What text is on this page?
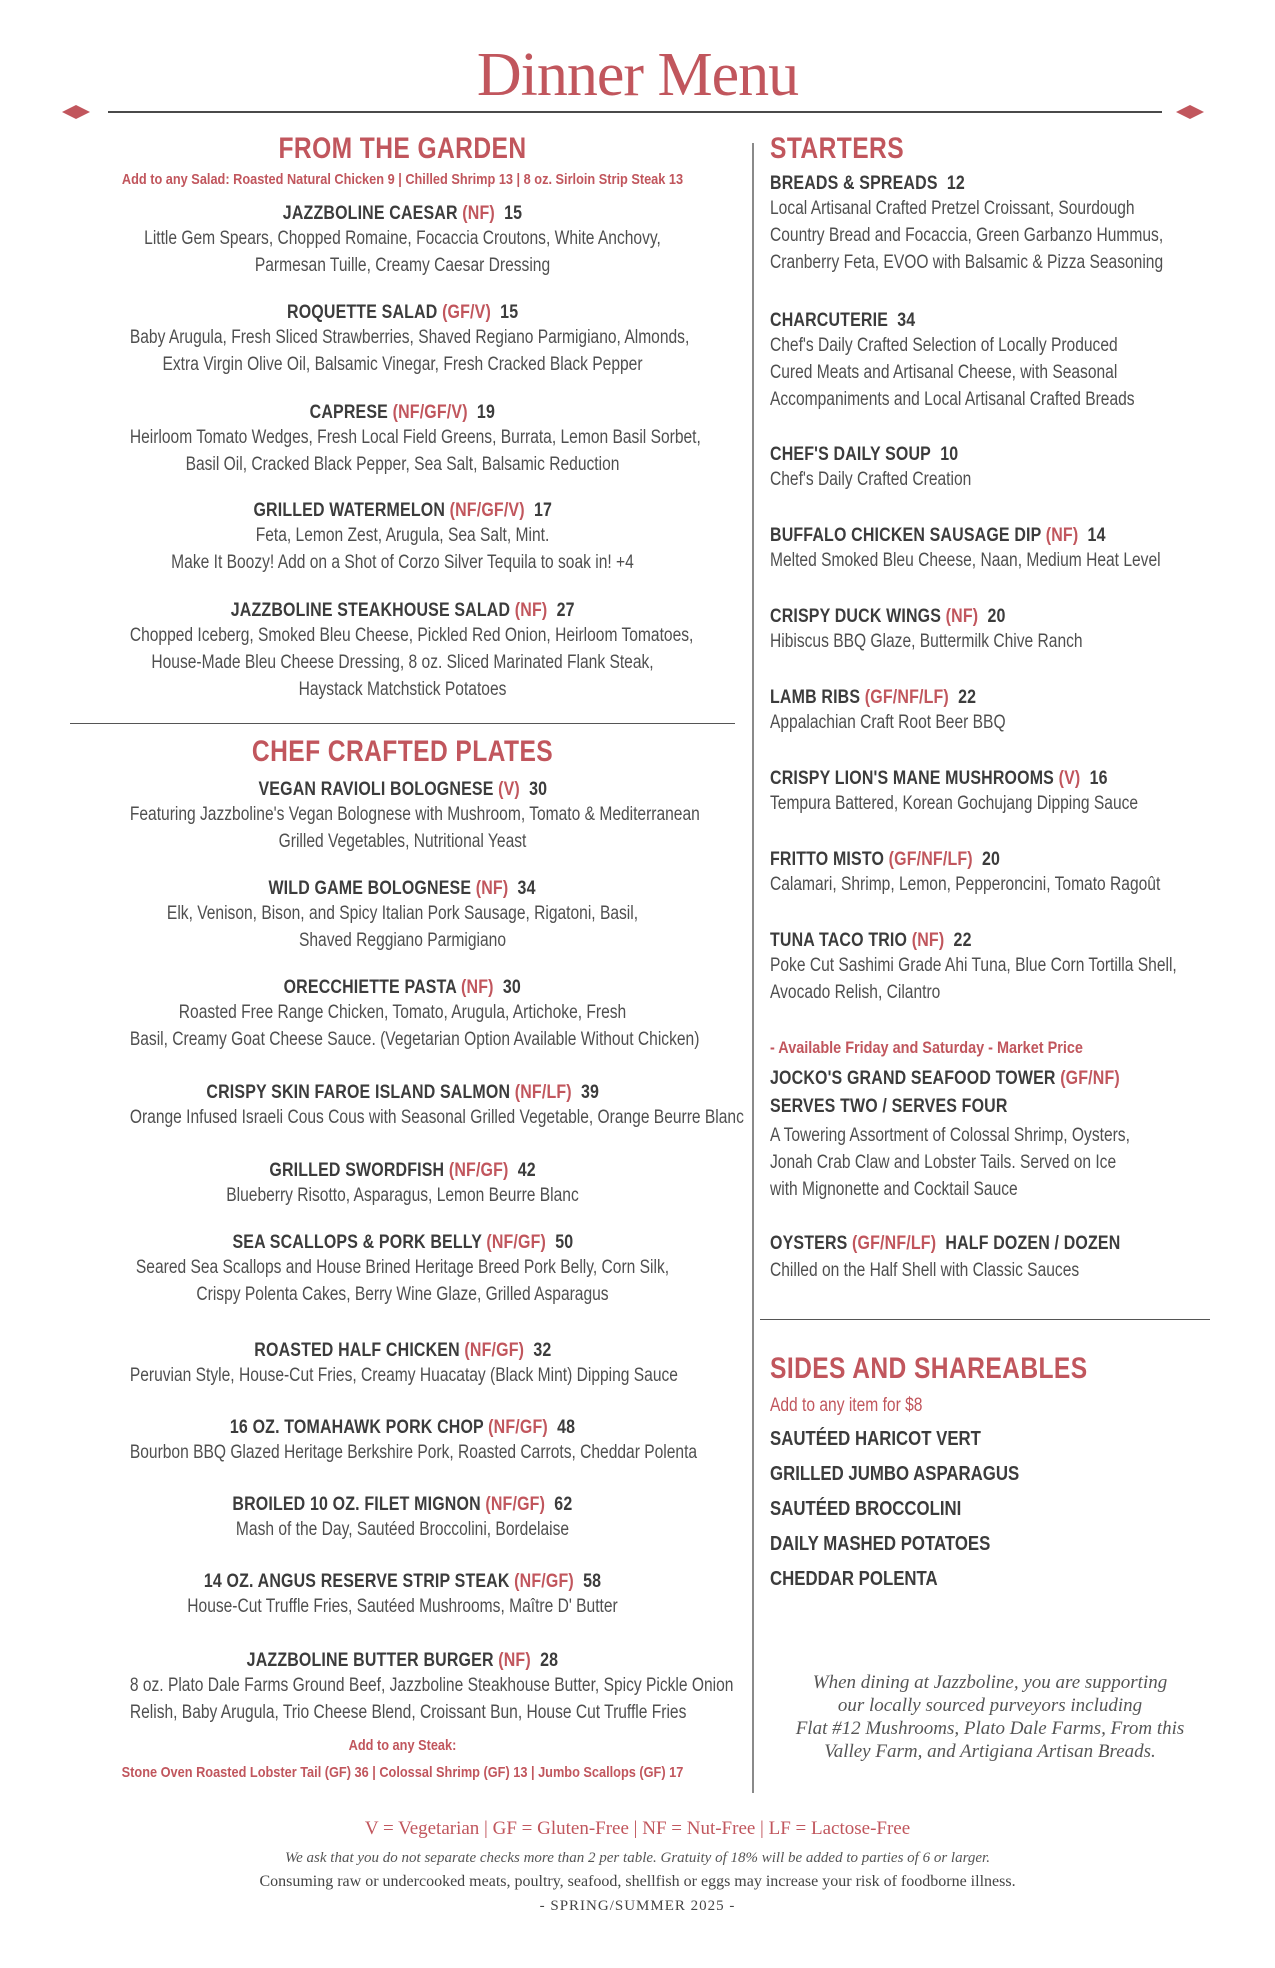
Dinner Menu
FROM THE GARDEN
Add to any Salad: Roasted Natural Chicken 9 | Chilled Shrimp 13 | 8 oz. Sirloin Strip Steak 13
JAZZBOLINE CAESAR (NF) 15
Little Gem Spears, Chopped Romaine, Focaccia Croutons, White Anchovy,
Parmesan Tuille, Creamy Caesar Dressing
ROQUETTE SALAD (GF/V) 15
Baby Arugula, Fresh Sliced Strawberries, Shaved Regiano Parmigiano, Almonds,
Extra Virgin Olive Oil, Balsamic Vinegar, Fresh Cracked Black Pepper
CAPRESE (NF/GF/V) 19
Heirloom Tomato Wedges, Fresh Local Field Greens, Burrata, Lemon Basil Sorbet,
Basil Oil, Cracked Black Pepper, Sea Salt, Balsamic Reduction
GRILLED WATERMELON (NF/GF/V) 17
Feta, Lemon Zest, Arugula, Sea Salt, Mint.
Make It Boozy! Add on a Shot of Corzo Silver Tequila to soak in! +4
JAZZBOLINE STEAKHOUSE SALAD (NF) 27
Chopped Iceberg, Smoked Bleu Cheese, Pickled Red Onion, Heirloom Tomatoes,
House-Made Bleu Cheese Dressing, 8 oz. Sliced Marinated Flank Steak,
Haystack Matchstick Potatoes
CHEF CRAFTED PLATES
VEGAN RAVIOLI BOLOGNESE (V) 30
Featuring Jazzboline's Vegan Bolognese with Mushroom, Tomato & Mediterranean
Grilled Vegetables, Nutritional Yeast
WILD GAME BOLOGNESE (NF) 34
Elk, Venison, Bison, and Spicy Italian Pork Sausage, Rigatoni, Basil,
Shaved Reggiano Parmigiano
ORECCHIETTE PASTA (NF) 30
Roasted Free Range Chicken, Tomato, Arugula, Artichoke, Fresh
Basil, Creamy Goat Cheese Sauce. (Vegetarian Option Available Without Chicken)
CRISPY SKIN FAROE ISLAND SALMON (NF/LF) 39
Orange Infused Israeli Cous Cous with Seasonal Grilled Vegetable, Orange Beurre Blanc
GRILLED SWORDFISH (NF/GF) 42
Blueberry Risotto, Asparagus, Lemon Beurre Blanc
SEA SCALLOPS & PORK BELLY (NF/GF) 50
Seared Sea Scallops and House Brined Heritage Breed Pork Belly, Corn Silk,
Crispy Polenta Cakes, Berry Wine Glaze, Grilled Asparagus
ROASTED HALF CHICKEN (NF/GF) 32
Peruvian Style, House-Cut Fries, Creamy Huacatay (Black Mint) Dipping Sauce
16 OZ. TOMAHAWK PORK CHOP (NF/GF) 48
Bourbon BBQ Glazed Heritage Berkshire Pork, Roasted Carrots, Cheddar Polenta
BROILED 10 OZ. FILET MIGNON (NF/GF) 62
Mash of the Day, Sautéed Broccolini, Bordelaise
14 OZ. ANGUS RESERVE STRIP STEAK (NF/GF) 58
House-Cut Truffle Fries, Sautéed Mushrooms, Maître D' Butter
JAZZBOLINE BUTTER BURGER (NF) 28
8 oz. Plato Dale Farms Ground Beef, Jazzboline Steakhouse Butter, Spicy Pickle Onion
Relish, Baby Arugula, Trio Cheese Blend, Croissant Bun, House Cut Truffle Fries
Add to any Steak:
Stone Oven Roasted Lobster Tail (GF) 36 | Colossal Shrimp (GF) 13 | Jumbo Scallops (GF) 17
STARTERS
BREADS & SPREADS 12
Local Artisanal Crafted Pretzel Croissant, Sourdough
Country Bread and Focaccia, Green Garbanzo Hummus,
Cranberry Feta, EVOO with Balsamic & Pizza Seasoning
CHARCUTERIE 34
Chef's Daily Crafted Selection of Locally Produced
Cured Meats and Artisanal Cheese, with Seasonal
Accompaniments and Local Artisanal Crafted Breads
CHEF'S DAILY SOUP 10
Chef's Daily Crafted Creation
BUFFALO CHICKEN SAUSAGE DIP (NF) 14
Melted Smoked Bleu Cheese, Naan, Medium Heat Level
CRISPY DUCK WINGS (NF) 20
Hibiscus BBQ Glaze, Buttermilk Chive Ranch
LAMB RIBS (GF/NF/LF) 22
Appalachian Craft Root Beer BBQ
CRISPY LION'S MANE MUSHROOMS (V) 16
Tempura Battered, Korean Gochujang Dipping Sauce
FRITTO MISTO (GF/NF/LF) 20
Calamari, Shrimp, Lemon, Pepperoncini, Tomato Ragoût
TUNA TACO TRIO (NF) 22
Poke Cut Sashimi Grade Ahi Tuna, Blue Corn Tortilla Shell,
Avocado Relish, Cilantro
- Available Friday and Saturday - Market Price
JOCKO'S GRAND SEAFOOD TOWER (GF/NF)
SERVES TWO / SERVES FOUR
A Towering Assortment of Colossal Shrimp, Oysters,
Jonah Crab Claw and Lobster Tails. Served on Ice
with Mignonette and Cocktail Sauce
OYSTERS (GF/NF/LF) HALF DOZEN / DOZEN
Chilled on the Half Shell with Classic Sauces
SIDES AND SHAREABLES
Add to any item for $8
SAUTÉED HARICOT VERT
GRILLED JUMBO ASPARAGUS
SAUTÉED BROCCOLINI
DAILY MASHED POTATOES
CHEDDAR POLENTA
When dining at Jazzboline, you are supporting
our locally sourced purveyors including
Flat #12 Mushrooms, Plato Dale Farms, From this
Valley Farm, and Artigiana Artisan Breads.
V = Vegetarian | GF = Gluten-Free | NF = Nut-Free | LF = Lactose-Free
We ask that you do not separate checks more than 2 per table. Gratuity of 18% will be added to parties of 6 or larger.
Consuming raw or undercooked meats, poultry, seafood, shellfish or eggs may increase your risk of foodborne illness.
- SPRING/SUMMER 2025 -
